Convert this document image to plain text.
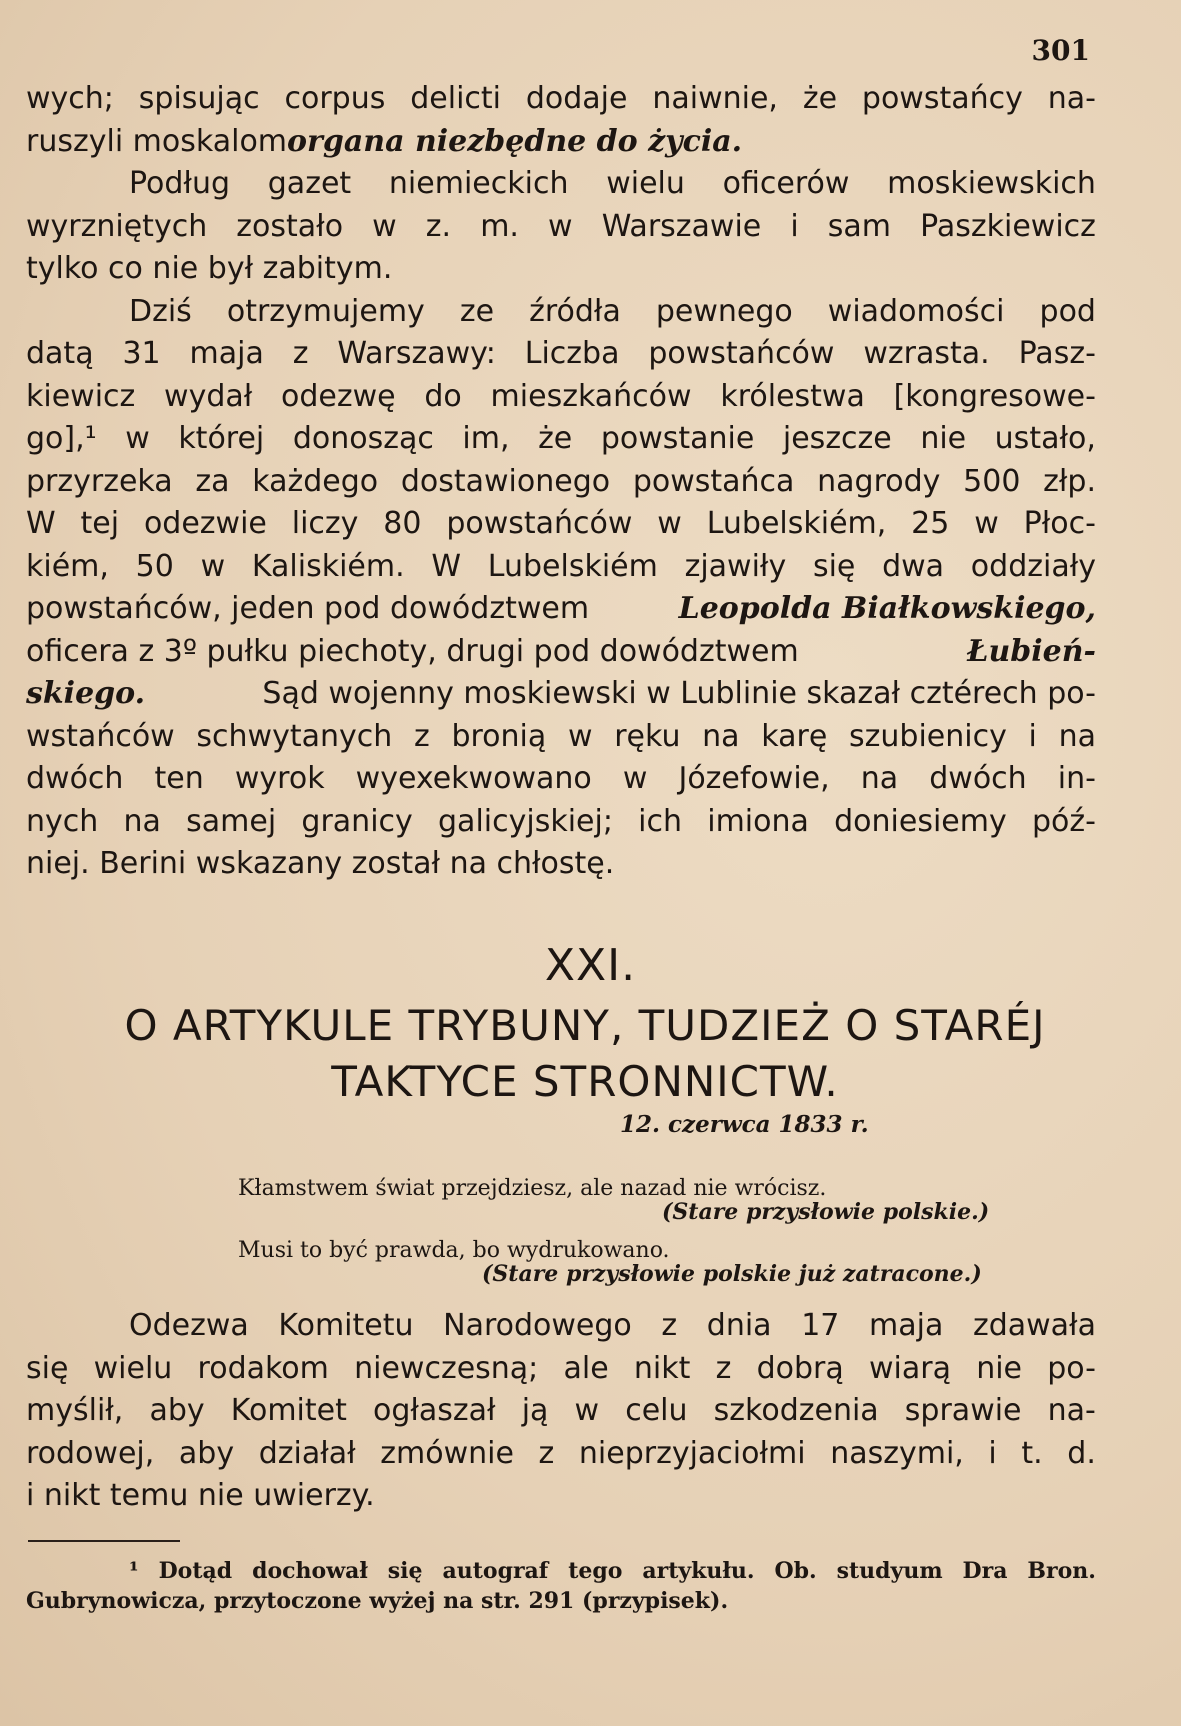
301
wych; spisując corpus delicti dodaje naiwnie, że powstańcy na-
ruszyli moskalom organa niezbędne do życia.
Podług gazet niemieckich wielu oficerów moskiewskich
wyrzniętych zostało w z. m. w Warszawie i sam Paszkiewicz
tylko co nie był zabitym.
Dziś otrzymujemy ze źródła pewnego wiadomości pod
datą 31 maja z Warszawy: Liczba powstańców wzrasta. Pasz-
kiewicz wydał odezwę do mieszkańców królestwa [kongresowe-
go],¹ w której donosząc im, że powstanie jeszcze nie ustało,
przyrzeka za każdego dostawionego powstańca nagrody 500 złp.
W tej odezwie liczy 80 powstańców w Lubelskiém, 25 w Płoc-
kiém, 50 w Kaliskiém. W Lubelskiém zjawiły się dwa oddziały
powstańców, jeden pod dowództwem	Leopolda Białkowskiego,
oficera z 3º pułku piechoty, drugi pod dowództwem	Łubień-
skiego.	Sąd wojenny moskiewski w Lublinie skazał cztérech po-
wstańców schwytanych z bronią w ręku na karę szubienicy i na
dwóch ten wyrok wyexekwowano w Józefowie, na dwóch in-
nych na samej granicy galicyjskiej; ich imiona doniesiemy póź-
niej. Berini wskazany został na chłostę.
XXI.
O ARTYKULE TRYBUNY, TUDZIEŻ O STARÉJ
TAKTYCE STRONNICTW.
12. czerwca 1833 r.
Kłamstwem świat przejdziesz, ale nazad nie wrócisz.
(Stare przysłowie polskie.)
Musi to być prawda, bo wydrukowano.
(Stare przysłowie polskie już zatracone.)
Odezwa Komitetu Narodowego z dnia 17 maja zdawała
się wielu rodakom niewczesną; ale nikt z dobrą wiarą nie po-
myślił, aby Komitet ogłaszał ją w celu szkodzenia sprawie na-
rodowej, aby działał zmównie z nieprzyjaciołmi naszymi, i t. d.
i nikt temu nie uwierzy.
¹ Dotąd dochował się autograf tego artykułu. Ob. studyum Dra Bron.
Gubrynowicza, przytoczone wyżej na str. 291 (przypisek).
